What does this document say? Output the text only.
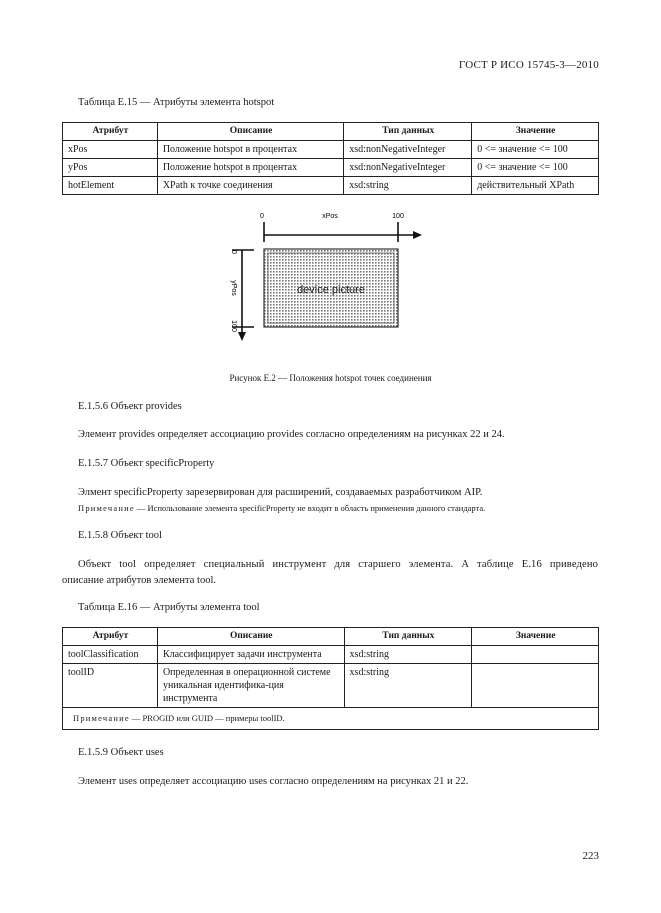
ГОСТ Р ИСО 15745-3—2010
Таблица Е.15 — Атрибуты элемента hotspot
Атрибут	Описание	Тип данных	Значение
xPos	Положение hotspot в процентах	xsd:nonNegativeInteger	0 <= значение <= 100
yPos	Положение hotspot в процентах	xsd:nonNegativeInteger	0 <= значение <= 100
hotElement	XPath к точке соединения	xsd:string	действительный XPath
0	xPos	100
0
yPos
100
device picture
Рисунок Е.2 — Положения hotspot точек соединения
Е.1.5.6 Объект provides
Элемент provides определяет ассоциацию provides согласно определениям на рисунках 22 и 24.
Е.1.5.7 Объект specificProperty
Элмент specificProperty зарезервирован для расширений, создаваемых разработчиком AIP.
Примечание — Использование элемента specificProperty не входит в область применения данного стандарта.
Е.1.5.8 Объект tool
Объект tool определяет специальный инструмент для старшего элемента. А таблице Е.16 приведено
описание атрибутов элемента tool.
Таблица Е.16 — Атрибуты элемента tool
Атрибут	Описание	Тип данных	Значение
toolClassification	Классифицирует задачи инструмента	xsd:string	
toolID	Определенная в операционной системе уникальная идентифика-ция инструмента	xsd:string	
Примечание — PROGID или GUID — примеры toolID.			
Е.1.5.9 Объект uses
Элемент uses определяет ассоциацию uses согласно определениям на рисунках 21 и 22.
223
